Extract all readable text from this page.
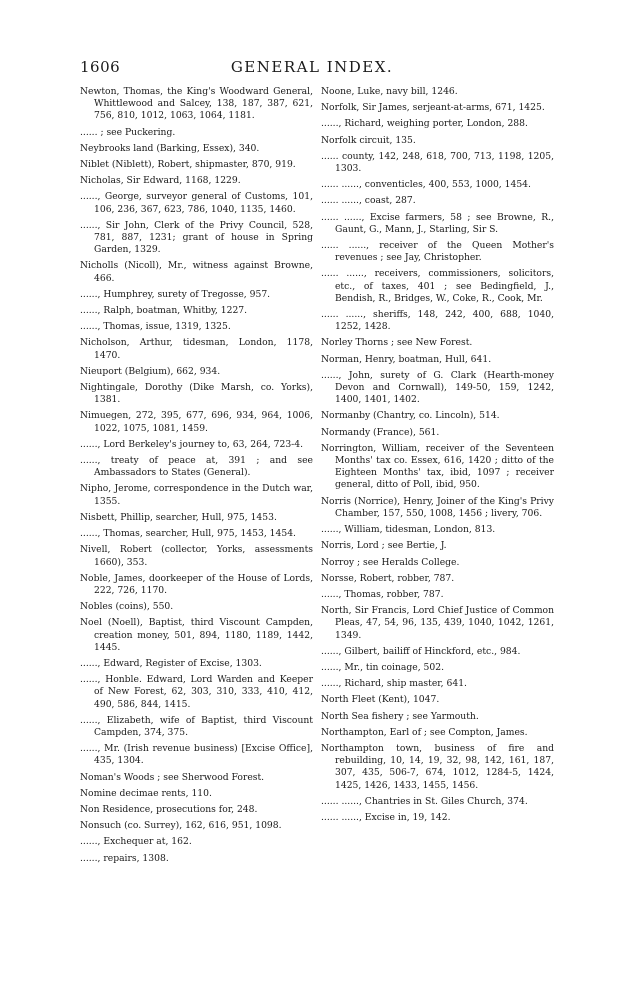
1606	GENERAL INDEX.

Newton, Thomas, the King's Woodward General, Whittlewood and Salcey, 138, 187, 387, 621, 756, 810, 1012, 1063, 1064, 1181.

...... ; see Puckering.

Neybrooks land (Barking, Essex), 340.

Niblet (Niblett), Robert, shipmaster, 870, 919.

Nicholas, Sir Edward, 1168, 1229.

......, George, surveyor general of Customs, 101, 106, 236, 367, 623, 786, 1040, 1135, 1460.

......, Sir John, Clerk of the Privy Council, 528, 781, 887, 1231; grant of house in Spring Garden, 1329.

Nicholls (Nicoll), Mr., witness against Browne, 466.

......, Humphrey, surety of Tregosse, 957.

......, Ralph, boatman, Whitby, 1227.

......, Thomas, issue, 1319, 1325.

Nicholson, Arthur, tidesman, London, 1178, 1470.

Nieuport (Belgium), 662, 934.

Nightingale, Dorothy (Dike Marsh, co. Yorks), 1381.

Nimuegen, 272, 395, 677, 696, 934, 964, 1006, 1022, 1075, 1081, 1459.

......, Lord Berkeley's journey to, 63, 264, 723-4.

......, treaty of peace at, 391 ; and see Ambassadors to States (General).

Nipho, Jerome, correspondence in the Dutch war, 1355.

Nisbett, Phillip, searcher, Hull, 975, 1453.

......, Thomas, searcher, Hull, 975, 1453, 1454.

Nivell, Robert (collector, Yorks, assessments 1660), 353.

Noble, James, doorkeeper of the House of Lords, 222, 726, 1170.

Nobles (coins), 550.

Noel (Noell), Baptist, third Viscount Campden, creation money, 501, 894, 1180, 1189, 1442, 1445.

......, Edward, Register of Excise, 1303.

......, Honble. Edward, Lord Warden and Keeper of New Forest, 62, 303, 310, 333, 410, 412, 490, 586, 844, 1415.

......, Elizabeth, wife of Baptist, third Viscount Campden, 374, 375.

......, Mr. (Irish revenue business) [Excise Office], 435, 1304.

Noman's Woods ; see Sherwood Forest.

Nomine decimae rents, 110.

Non Residence, prosecutions for, 248.

Nonsuch (co. Surrey), 162, 616, 951, 1098.

......, Exchequer at, 162.

......, repairs, 1308.

Noone, Luke, navy bill, 1246.

Norfolk, Sir James, serjeant-at-arms, 671, 1425.

......, Richard, weighing porter, London, 288.

Norfolk circuit, 135.

...... county, 142, 248, 618, 700, 713, 1198, 1205, 1303.

...... ......, conventicles, 400, 553, 1000, 1454.

...... ......, coast, 287.

...... ......, Excise farmers, 58 ; see Browne, R., Gaunt, G., Mann, J., Starling, Sir S.

...... ......, receiver of the Queen Mother's revenues ; see Jay, Christopher.

...... ......, receivers, commissioners, solicitors, etc., of taxes, 401 ; see Bedingfield, J., Bendish, R., Bridges, W., Coke, R., Cook, Mr.

...... ......, sheriffs, 148, 242, 400, 688, 1040, 1252, 1428.

Norley Thorns ; see New Forest.

Norman, Henry, boatman, Hull, 641.

......, John, surety of G. Clark (Hearth-money Devon and Cornwall), 149-50, 159, 1242, 1400, 1401, 1402.

Normanby (Chantry, co. Lincoln), 514.

Normandy (France), 561.

Norrington, William, receiver of the Seventeen Months' tax co. Essex, 616, 1420 ; ditto of the Eighteen Months' tax, ibid, 1097 ; receiver general, ditto of Poll, ibid, 950.

Norris (Norrice), Henry, Joiner of the King's Privy Chamber, 157, 550, 1008, 1456 ; livery, 706.

......, William, tidesman, London, 813.

Norris, Lord ; see Bertie, J.

Norroy ; see Heralds College.

Norsse, Robert, robber, 787.

......, Thomas, robber, 787.

North, Sir Francis, Lord Chief Justice of Common Pleas, 47, 54, 96, 135, 439, 1040, 1042, 1261, 1349.

......, Gilbert, bailiff of Hinckford, etc., 984.

......, Mr., tin coinage, 502.

......, Richard, ship master, 641.

North Fleet (Kent), 1047.

North Sea fishery ; see Yarmouth.

Northampton, Earl of ; see Compton, James.

Northampton town, business of fire and rebuilding, 10, 14, 19, 32, 98, 142, 161, 187, 307, 435, 506-7, 674, 1012, 1284-5, 1424, 1425, 1426, 1433, 1455, 1456.

...... ......, Chantries in St. Giles Church, 374.

...... ......, Excise in, 19, 142.
